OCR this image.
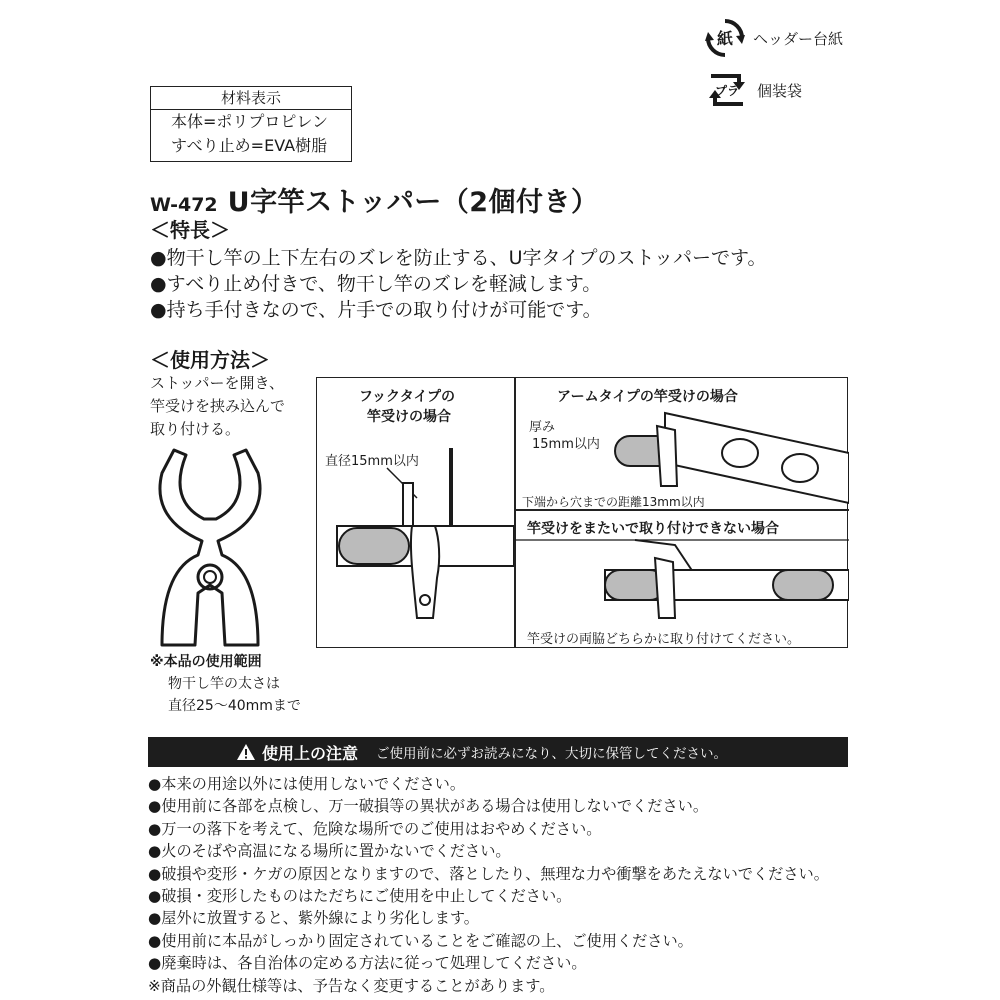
紙 ヘッダー台紙
プラ 個装袋
材料表示
本体=ポリプロピレン
すべり止め=EVA樹脂
W-472 U字竿ストッパー（2個付き）
＜特長＞
●物干し竿の上下左右のズレを防止する、U字タイプのストッパーです。
●すべり止め付きで、物干し竿のズレを軽減します。
●持ち手付きなので、片手での取り付けが可能です。
＜使用方法＞
ストッパーを開き、
竿受けを挟み込んで
取り付ける。
※本品の使用範囲
物干し竿の太さは
直径25〜40mmまで
フックタイプの
竿受けの場合
直径15mm以内
アームタイプの竿受けの場合
厚み
15mm以内
下端から穴までの距離13mm以内
竿受けをまたいで取り付けできない場合
竿受けの両脇どちらかに取り付けてください。
使用上の注意 ご使用前に必ずお読みになり、大切に保管してください。
●本来の用途以外には使用しないでください。
●使用前に各部を点検し、万一破損等の異状がある場合は使用しないでください。
●万一の落下を考えて、危険な場所でのご使用はおやめください。
●火のそばや高温になる場所に置かないでください。
●破損や変形・ケガの原因となりますので、落としたり、無理な力や衝撃をあたえないでください。
●破損・変形したものはただちにご使用を中止してください。
●屋外に放置すると、紫外線により劣化します。
●使用前に本品がしっかり固定されていることをご確認の上、ご使用ください。
●廃棄時は、各自治体の定める方法に従って処理してください。
※商品の外観仕様等は、予告なく変更することがあります。
